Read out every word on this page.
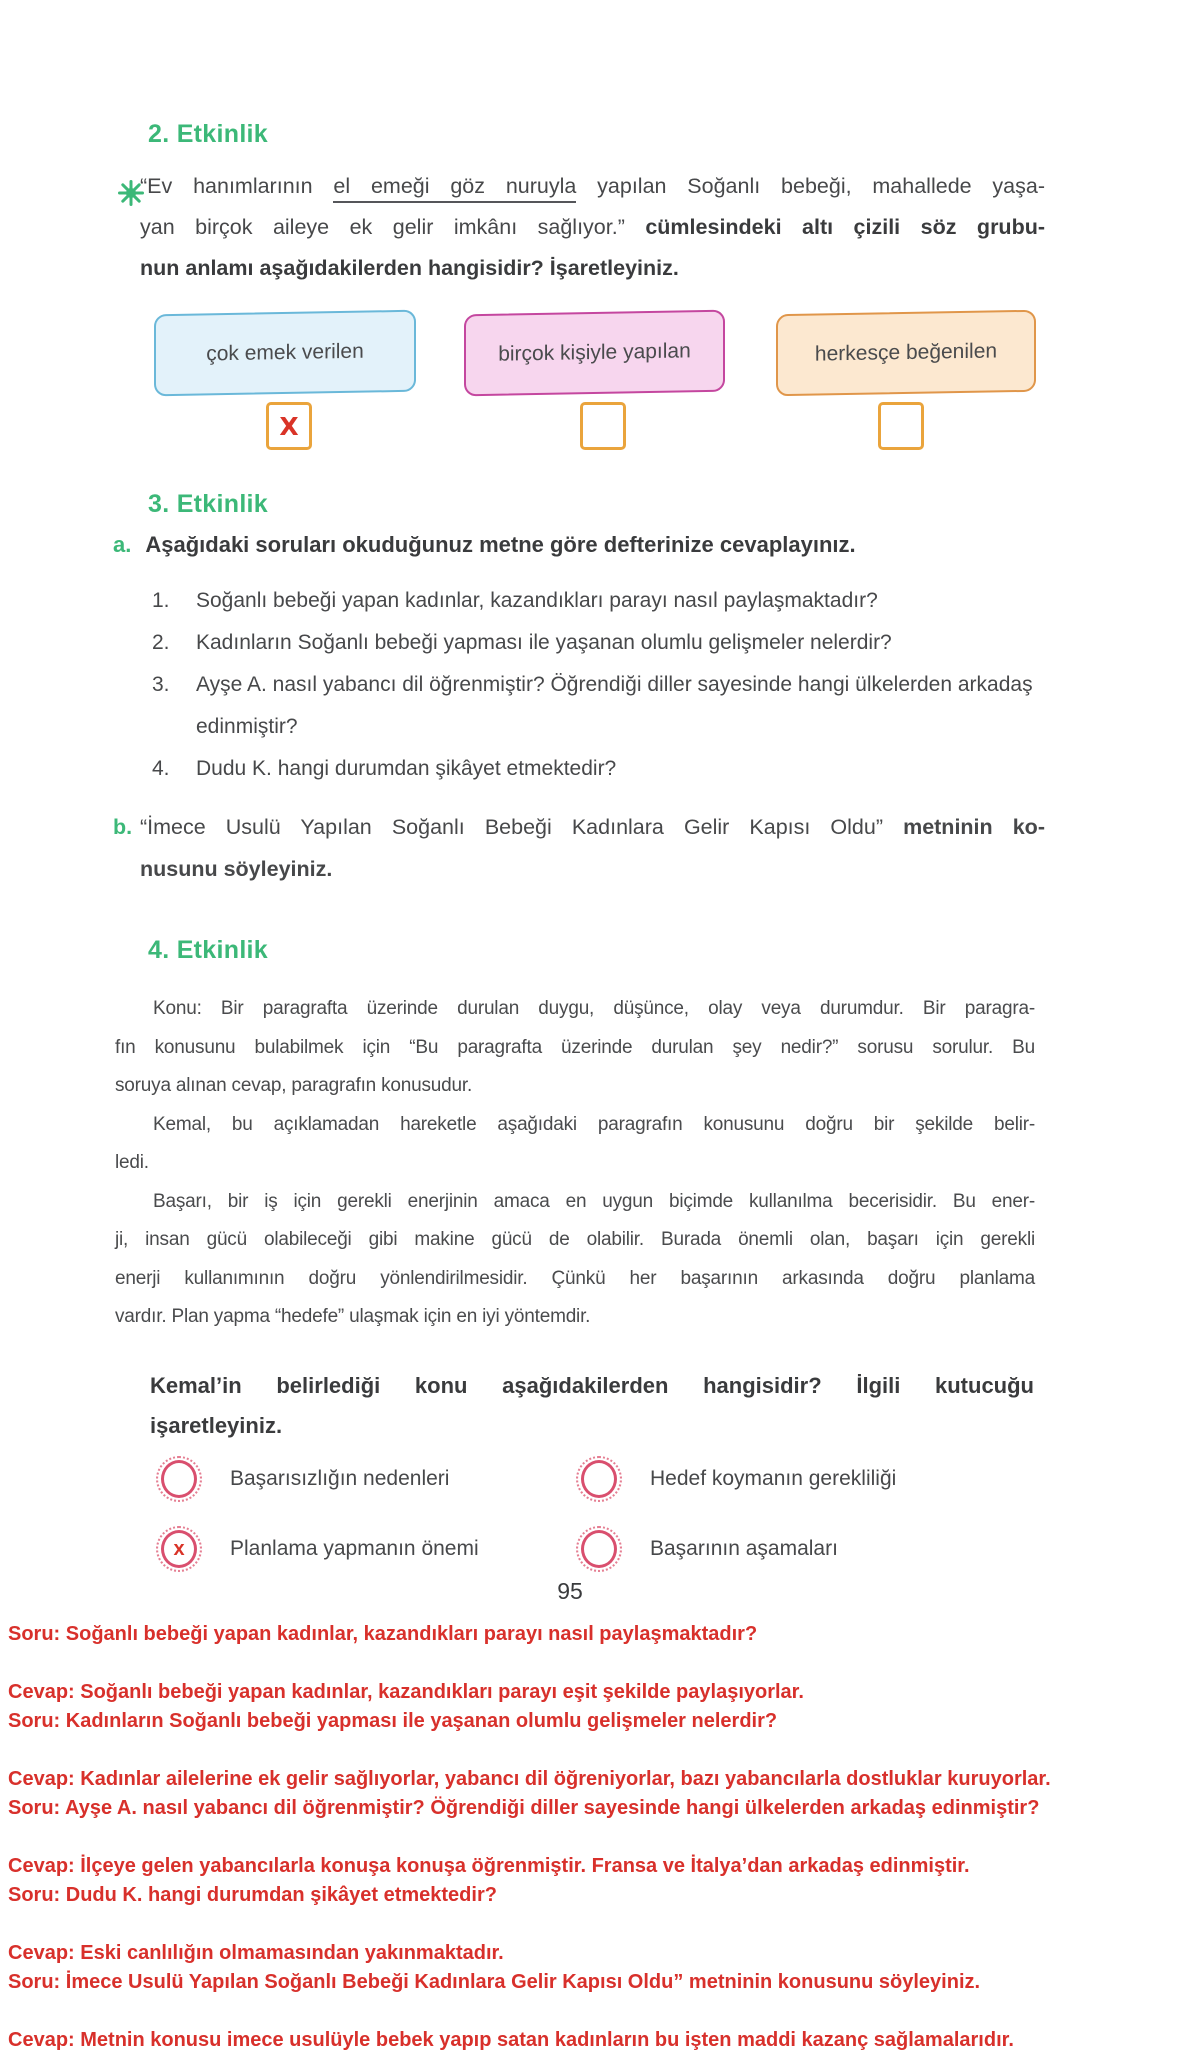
2. Etkinlik
“Ev hanımlarının el emeği göz nuruyla yapılan Soğanlı bebeği, mahallede yaşa-
yan birçok aileye ek gelir imkânı sağlıyor.” cümlesindeki altı çizili söz grubu-
nun anlamı aşağıdakilerden hangisidir? İşaretleyiniz.
çok emek verilen	birçok kişiyle yapılan	herkesçe beğenilen
X
3. Etkinlik
a. Aşağıdaki soruları okuduğunuz metne göre defterinize cevaplayınız.
1.	Soğanlı bebeği yapan kadınlar, kazandıkları parayı nasıl paylaşmaktadır?
2.	Kadınların Soğanlı bebeği yapması ile yaşanan olumlu gelişmeler nelerdir?
3.	Ayşe A. nasıl yabancı dil öğrenmiştir? Öğrendiği diller sayesinde hangi ülkelerden arkadaş edinmiştir?
4.	Dudu K. hangi durumdan şikâyet etmektedir?
b. “İmece Usulü Yapılan Soğanlı Bebeği Kadınlara Gelir Kapısı Oldu” metninin ko-
nusunu söyleyiniz.
4. Etkinlik
Konu: Bir paragrafta üzerinde durulan duygu, düşünce, olay veya durumdur. Bir paragra-
fın konusunu bulabilmek için “Bu paragrafta üzerinde durulan şey nedir?” sorusu sorulur. Bu
soruya alınan cevap, paragrafın konusudur.
Kemal, bu açıklamadan hareketle aşağıdaki paragrafın konusunu doğru bir şekilde belir-
ledi.
Başarı, bir iş için gerekli enerjinin amaca en uygun biçimde kullanılma becerisidir. Bu ener-
ji, insan gücü olabileceği gibi makine gücü de olabilir. Burada önemli olan, başarı için gerekli
enerji kullanımının doğru yönlendirilmesidir. Çünkü her başarının arkasında doğru planlama
vardır. Plan yapma “hedefe” ulaşmak için en iyi yöntemdir.
Kemal’in belirlediği konu aşağıdakilerden hangisidir? İlgili kutucuğu
işaretleyiniz.
Başarısızlığın nedenleri	Hedef koymanın gerekliliği
x	Planlama yapmanın önemi	Başarının aşamaları
95
Soru: Soğanlı bebeği yapan kadınlar, kazandıkları parayı nasıl paylaşmaktadır?
Cevap: Soğanlı bebeği yapan kadınlar, kazandıkları parayı eşit şekilde paylaşıyorlar.
Soru: Kadınların Soğanlı bebeği yapması ile yaşanan olumlu gelişmeler nelerdir?
Cevap: Kadınlar ailelerine ek gelir sağlıyorlar, yabancı dil öğreniyorlar, bazı yabancılarla dostluklar kuruyorlar.
Soru: Ayşe A. nasıl yabancı dil öğrenmiştir? Öğrendiği diller sayesinde hangi ülkelerden arkadaş edinmiştir?
Cevap: İlçeye gelen yabancılarla konuşa konuşa öğrenmiştir. Fransa ve İtalya’dan arkadaş edinmiştir.
Soru: Dudu K. hangi durumdan şikâyet etmektedir?
Cevap: Eski canlılığın olmamasından yakınmaktadır.
Soru: İmece Usulü Yapılan Soğanlı Bebeği Kadınlara Gelir Kapısı Oldu” metninin konusunu söyleyiniz.
Cevap: Metnin konusu imece usulüyle bebek yapıp satan kadınların bu işten maddi kazanç sağlamalarıdır.
